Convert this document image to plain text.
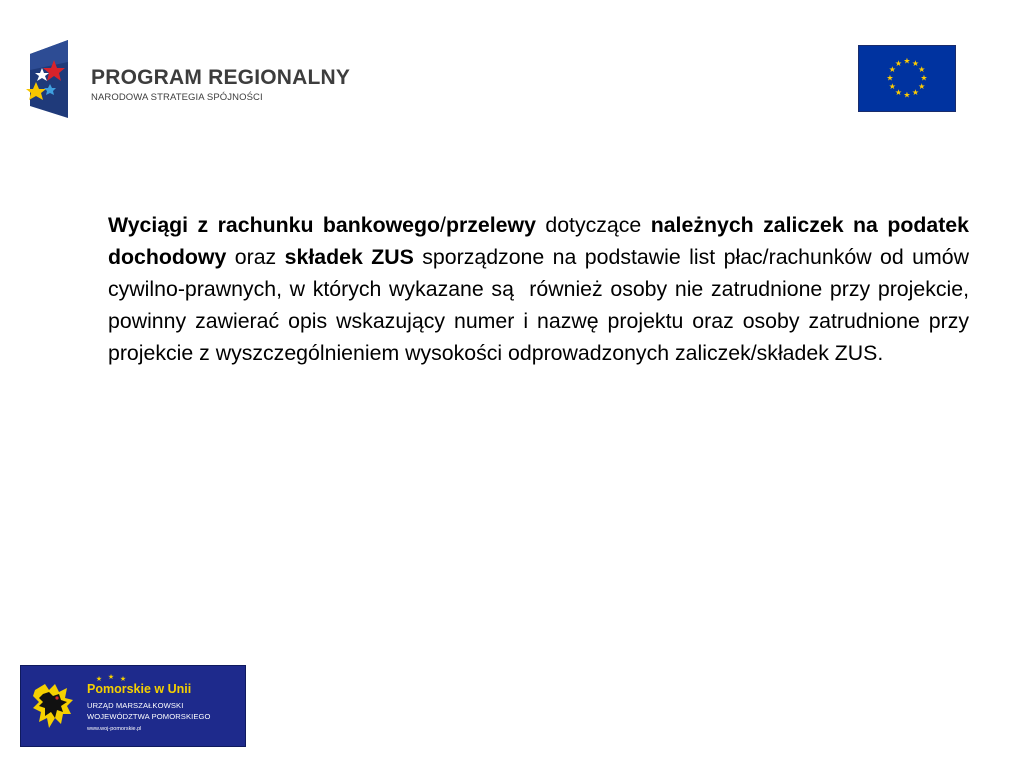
PROGRAM REGIONALNY
NARODOWA STRATEGIA SPÓJNOŚCI
★ ★
★
★
★
★
★
★
★
★
★
★

Wyciągi z rachunku bankowego/przelewy dotyczące należnych zaliczek na podatek dochodowy oraz składek ZUS sporządzone na podstawie list płac/rachunków od umów cywilno-prawnych, w których wykazane są  również osoby nie zatrudnione przy projekcie, powinny zawierać opis wskazujący numer i nazwę projektu oraz osoby zatrudnione przy projekcie z wyszczególnieniem wysokości odprowadzonych zaliczek/składek ZUS.

★ ★ ★
Pomorskie w Unii
URZĄD MARSZAŁKOWSKI
WOJEWÓDZTWA POMORSKIEGO
www.woj-pomorskie.pl
